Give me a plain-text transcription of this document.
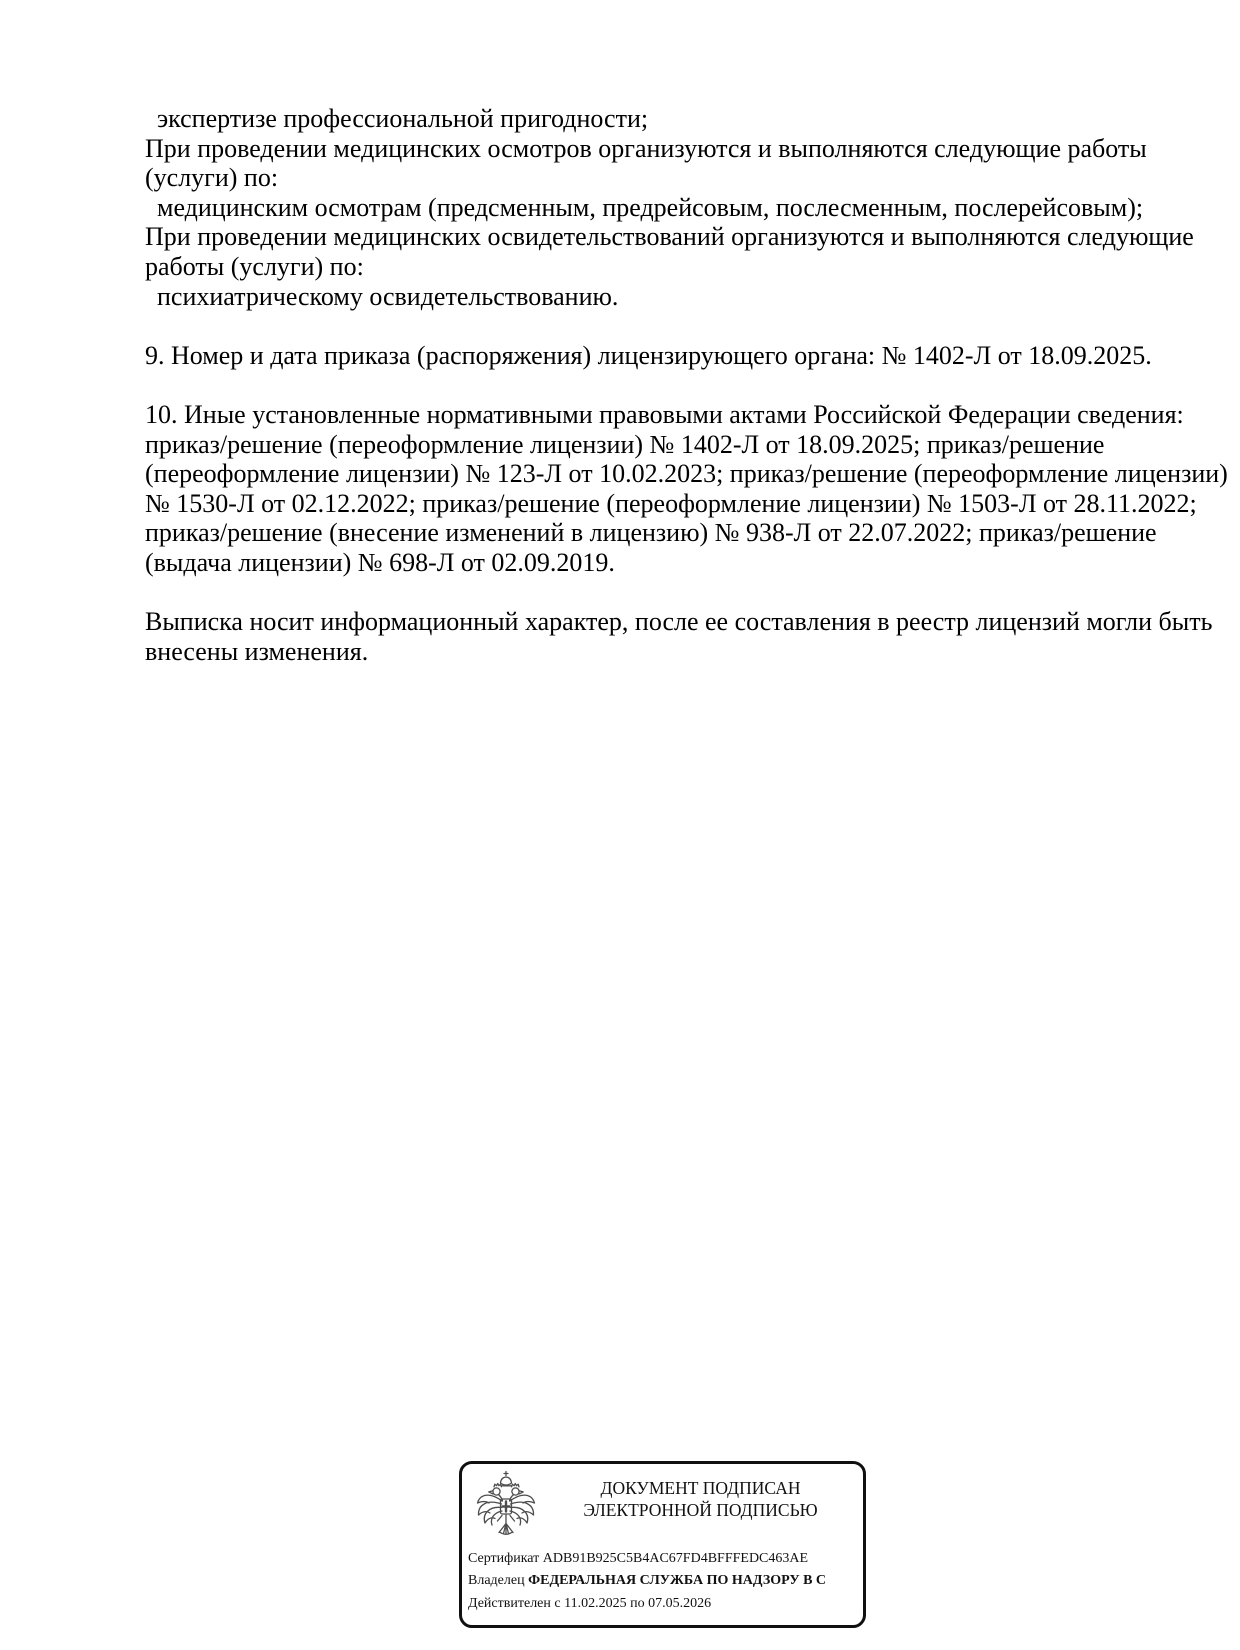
экспертизе профессиональной пригодности;
При проведении медицинских осмотров организуются и выполняются следующие работы
(услуги) по:
медицинским осмотрам (предсменным, предрейсовым, послесменным, послерейсовым);
При проведении медицинских освидетельствований организуются и выполняются следующие
работы (услуги) по:
психиатрическому освидетельствованию.
9. Номер и дата приказа (распоряжения) лицензирующего органа: № 1402-Л от 18.09.2025.
10. Иные установленные нормативными правовыми актами Российской Федерации сведения:
приказ/решение (переоформление лицензии) № 1402-Л от 18.09.2025; приказ/решение
(переоформление лицензии) № 123-Л от 10.02.2023; приказ/решение (переоформление лицензии)
№ 1530-Л от 02.12.2022; приказ/решение (переоформление лицензии) № 1503-Л от 28.11.2022;
приказ/решение (внесение изменений в лицензию) № 938-Л от 22.07.2022; приказ/решение
(выдача лицензии) № 698-Л от 02.09.2019.
Выписка носит информационный характер, после ее составления в реестр лицензий могли быть
внесены изменения.
ДОКУМЕНТ ПОДПИСАН
ЭЛЕКТРОННОЙ ПОДПИСЬЮ
Сертификат ADB91B925C5B4AC67FD4BFFFEDC463AE
Владелец ФЕДЕРАЛЬНАЯ СЛУЖБА ПО НАДЗОРУ В С
Действителен с 11.02.2025 по 07.05.2026
